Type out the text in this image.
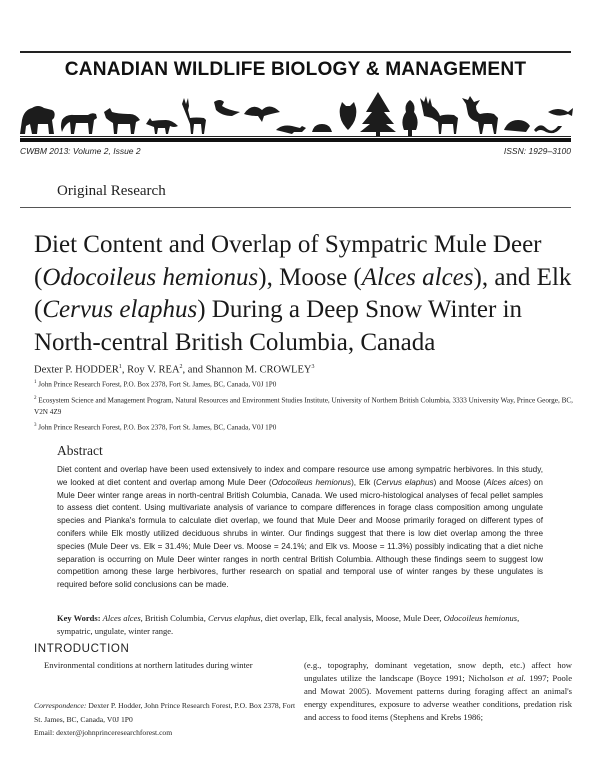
CANADIAN WILDLIFE BIOLOGY & MANAGEMENT
CWBM 2013: Volume 2, Issue 2	ISSN: 1929–3100
Original Research
Diet Content and Overlap of Sympatric Mule Deer (Odocoileus hemionus), Moose (Alces alces), and Elk (Cervus elaphus) During a Deep Snow Winter in North-central British Columbia, Canada
Dexter P. HODDER$^1$, Roy V. REA$^2$, and Shannon M. CROWLEY$^3$
$^1$ John Prince Research Forest, P.O. Box 2378, Fort St. James, BC, Canada, V0J 1P0
$^2$ Ecosystem Science and Management Program, Natural Resources and Environment Studies Institute, University of Northern British Columbia, 3333 University Way, Prince George, BC, V2N 4Z9
$^3$ John Prince Research Forest, P.O. Box 2378, Fort St. James, BC, Canada, V0J 1P0
Abstract

Diet content and overlap have been used extensively to index and compare resource use among sympatric herbivores. In this study, we looked at diet content and overlap among Mule Deer (Odocoileus hemionus), Elk (Cervus elaphus) and Moose (Alces alces) on Mule Deer winter range areas in north-central British Columbia, Canada. We used micro-histological analyses of fecal pellet samples to assess diet content. Using multivariate analysis of variance to compare differences in forage class composition among ungulate species and Pianka's formula to calculate diet overlap, we found that Mule Deer and Moose primarily foraged on different types of conifers while Elk mostly utilized deciduous shrubs in winter. Our findings suggest that there is low diet overlap among the three species (Mule Deer vs. Elk = 31.4%; Mule Deer vs. Moose = 24.1%; and Elk vs. Moose = 11.3%) possibly indicating that a diet niche separation is occurring on Mule Deer winter ranges in north central British Columbia. Although these findings seem to suggest low competition among these large herbivores, further research on spatial and temporal use of winter ranges by these ungulates is required before solid conclusions can be made.

Key Words: Alces alces, British Columbia, Cervus elaphus, diet overlap, Elk, fecal analysis, Moose, Mule Deer, Odocoileus hemionus, sympatric, ungulate, winter range.

INTRODUCTION

Environmental conditions at northern latitudes during winter	(e.g., topography, dominant vegetation, snow depth, etc.) affect how ungulates utilize the landscape (Boyce 1991; Nicholson et al. 1997; Poole and Mowat 2005). Movement patterns during foraging affect an animal's energy expenditures, exposure to adverse weather conditions, predation risk and access to food items (Stephens and Krebs 1986;

Correspondence: Dexter P. Hodder, John Prince Research Forest, P.O. Box 2378, Fort St. James, BC, Canada, V0J 1P0
Email: dexter@johnprinceresearchforest.com
